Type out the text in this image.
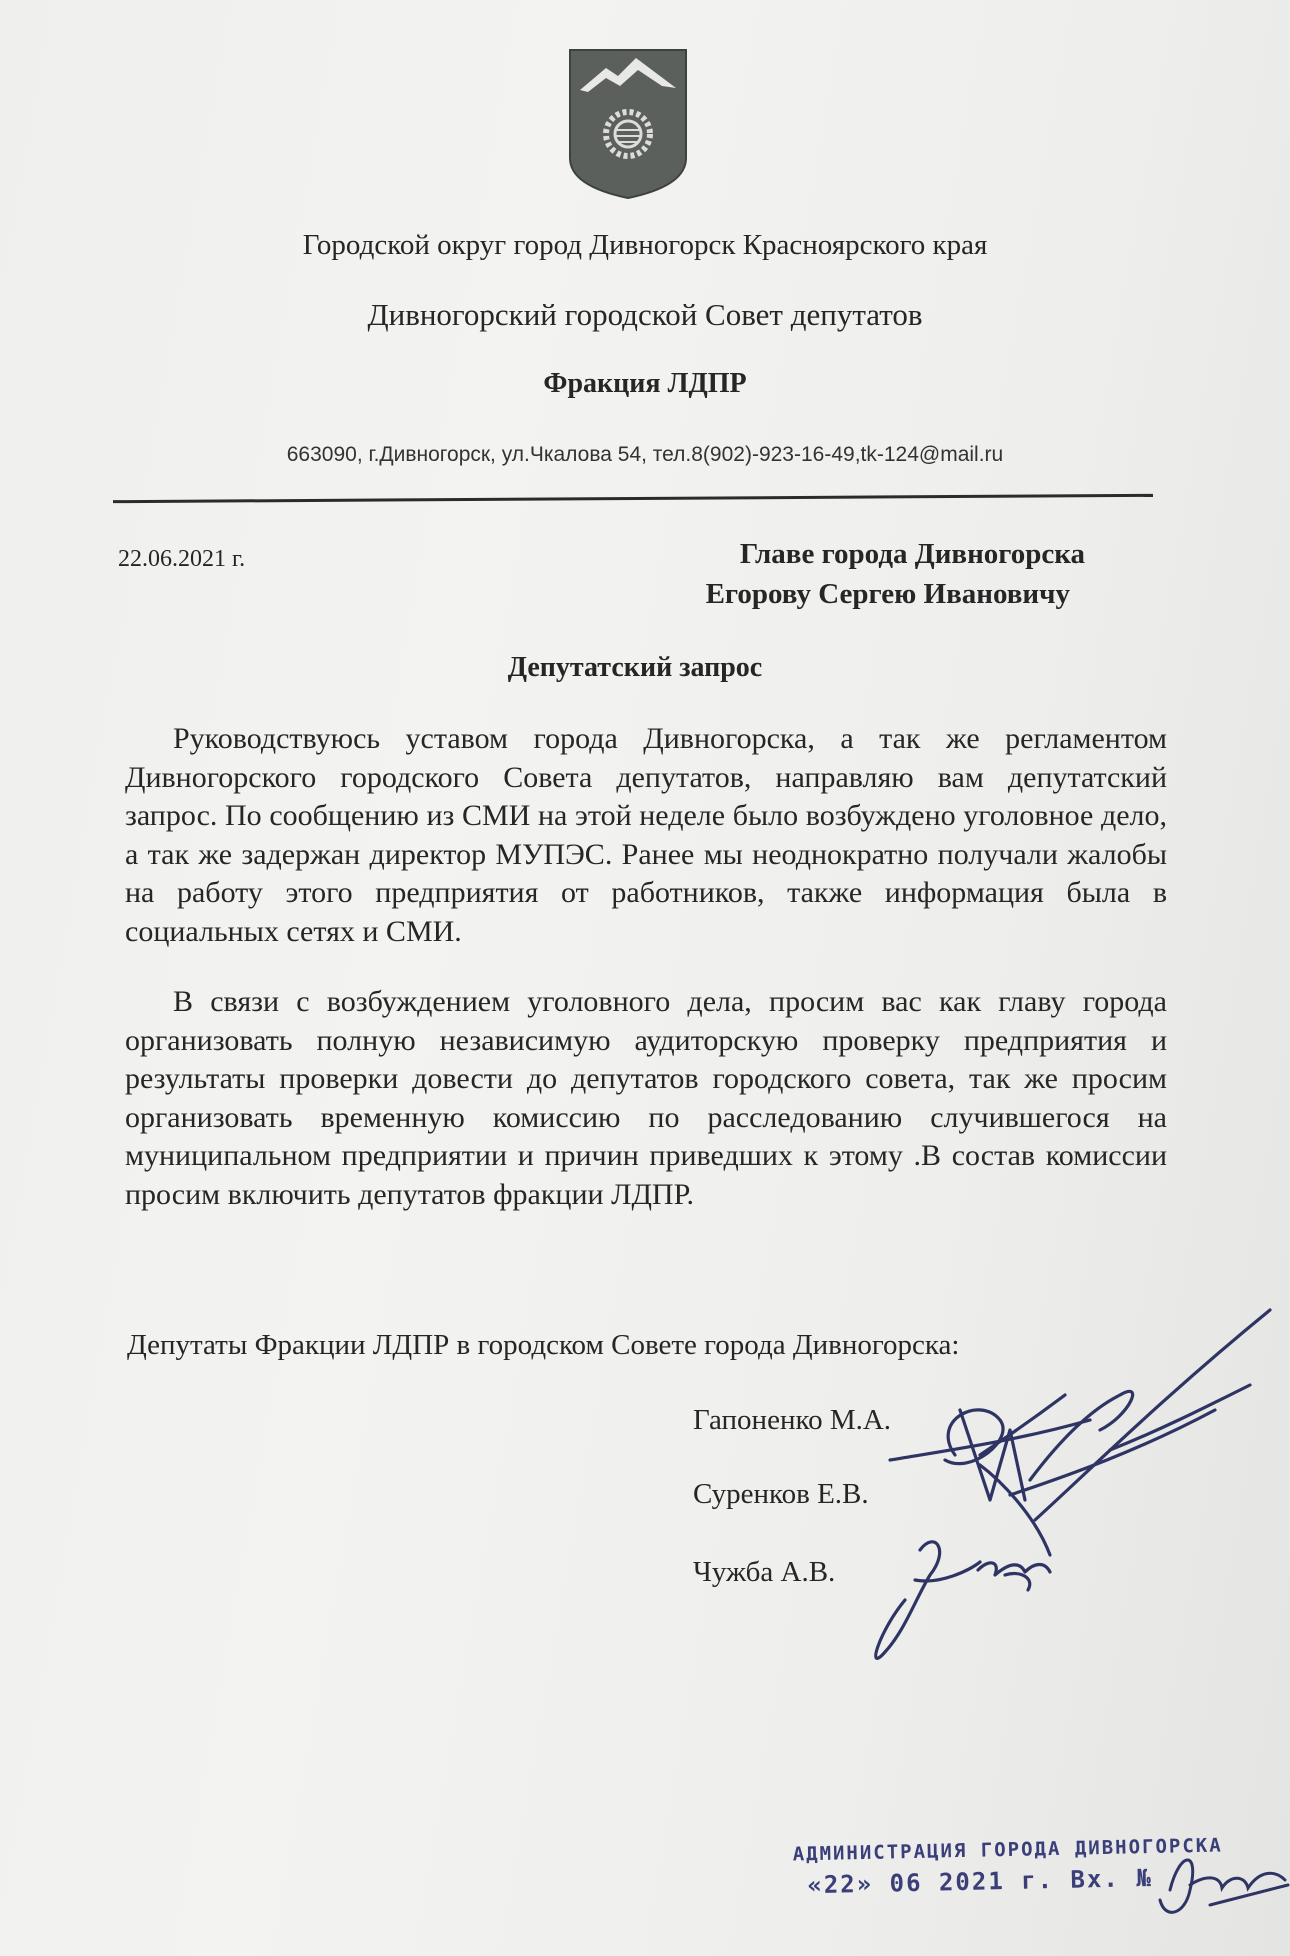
Городской округ город Дивногорск Красноярского края
Дивногорский городской Совет депутатов
Фракция ЛДПР
663090, г.Дивногорск, ул.Чкалова 54, тел.8(902)-923-16-49,tk-124@mail.ru
22.06.2021 г.	Главе города Дивногорска
Егорову Сергею Ивановичу
Депутатский запрос
Руководствуюсь уставом города Дивногорска, а так же регламентом Дивногорского городского Совета депутатов, направляю вам депутатский запрос. По сообщению из СМИ на этой неделе было возбуждено уголовное дело, а так же задержан директор МУПЭС. Ранее мы неоднократно получали жалобы на работу этого предприятия от работников, также информация была в социальных сетях и СМИ.
В связи с возбуждением уголовного дела, просим вас как главу города организовать полную независимую аудиторскую проверку предприятия и результаты проверки довести до депутатов городского совета, так же просим организовать временную комиссию по расследованию случившегося на муниципальном предприятии и причин приведших к этому .В состав комиссии просим включить депутатов фракции ЛДПР.
Депутаты Фракции ЛДПР в городском Совете города Дивногорска:
Гапоненко М.А.
Суренков Е.В.
Чужба А.В.
АДМИНИСТРАЦИЯ ГОРОДА ДИВНОГОРСКА
«22» 06 2021 г. Вх. №
